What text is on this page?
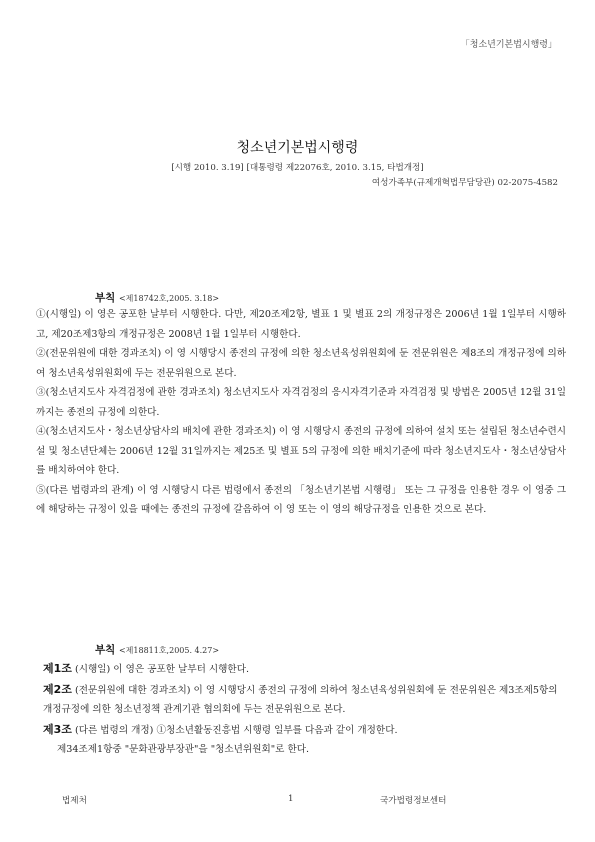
「청소년기본법시행령」
청소년기본법시행령
[시행 2010. 3.19] [대통령령 제22076호, 2010. 3.15, 타법개정]
여성가족부(규제개혁법무담당관) 02-2075-4582
부칙 <제18742호,2005. 3.18>

①(시행일) 이 영은 공포한 날부터 시행한다. 다만, 제20조제2항, 별표 1 및 별표 2의 개정규정은 2006년 1월 1일부터 시행하고, 제20조제3항의 개정규정은 2008년 1월 1일부터 시행한다.

②(전문위원에 대한 경과조치) 이 영 시행당시 종전의 규정에 의한 청소년육성위원회에 둔 전문위원은 제8조의 개정규정에 의하여 청소년육성위원회에 두는 전문위원으로 본다.

③(청소년지도사 자격검정에 관한 경과조치) 청소년지도사 자격검정의 응시자격기준과 자격검정 및 방법은 2005년 12월 31일까지는 종전의 규정에 의한다.

④(청소년지도사・청소년상담사의 배치에 관한 경과조치) 이 영 시행당시 종전의 규정에 의하여 설치 또는 설립된 청소년수련시설 및 청소년단체는 2006년 12월 31일까지는 제25조 및 별표 5의 규정에 의한 배치기준에 따라 청소년지도사・청소년상담사를 배치하여야 한다.

⑤(다른 법령과의 관계) 이 영 시행당시 다른 법령에서 종전의 「청소년기본법 시행령」 또는 그 규정을 인용한 경우 이 영중 그에 해당하는 규정이 있을 때에는 종전의 규정에 갈음하여 이 영 또는 이 영의 해당규정을 인용한 것으로 본다.

부칙 <제18811호,2005. 4.27>

제1조 (시행일) 이 영은 공포한 날부터 시행한다.

제2조 (전문위원에 대한 경과조치) 이 영 시행당시 종전의 규정에 의하여 청소년육성위원회에 둔 전문위원은 제3조제5항의 개정규정에 의한 청소년정책 관계기관 협의회에 두는 전문위원으로 본다.

제3조 (다른 법령의 개정) ①청소년활동진흥법 시행령 일부를 다음과 같이 개정한다.

제34조제1항중 "문화관광부장관"을 "청소년위원회"로 한다.

법제처	1	국가법령정보센터
